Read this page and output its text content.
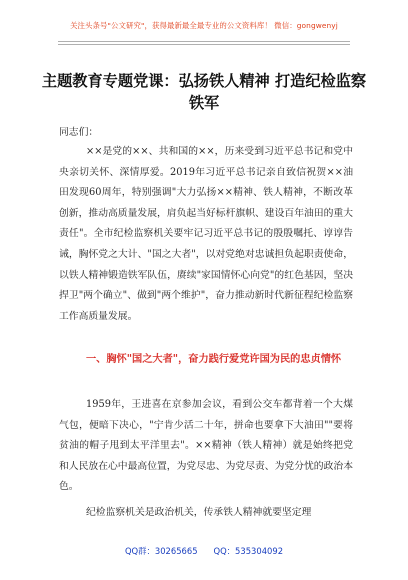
关注头条号"公文研究"，获得最新最全最专业的公文资料库！ 微信：gongwenyj
主题教育专题党课：弘扬铁人精神 打造纪检监察铁军
同志们：

××是党的××、共和国的××，历来受到习近平总书记和党中央亲切关怀、深情厚爱。2019年习近平总书记亲自致信祝贺××油田发现60周年，特别强调"大力弘扬××精神、铁人精神，不断改革创新，推动高质量发展，肩负起当好标杆旗帜、建设百年油田的重大责任"。全市纪检监察机关要牢记习近平总书记的殷殷嘱托、谆谆告诫，胸怀党之大计、"国之大者"，以对党绝对忠诚担负起职责使命，以铁人精神锻造铁军队伍，赓续"家国情怀心向党"的红色基因，坚决捍卫"两个确立"、做到"两个维护"，奋力推动新时代新征程纪检监察工作高质量发展。

一、胸怀"国之大者"，奋力践行爱党许国为民的忠贞情怀

1959年，王进喜在京参加会议，看到公交车都背着一个大煤气包，便暗下决心，"宁肯少活二十年，拼命也要拿下大油田""要将贫油的帽子甩到太平洋里去"。××精神（铁人精神）就是始终把党和人民放在心中最高位置，为党尽忠、为党尽责、为党分忧的政治本色。

纪检监察机关是政治机关，传承铁人精神就要坚定理

QQ群：30265665      QQ：535304092
